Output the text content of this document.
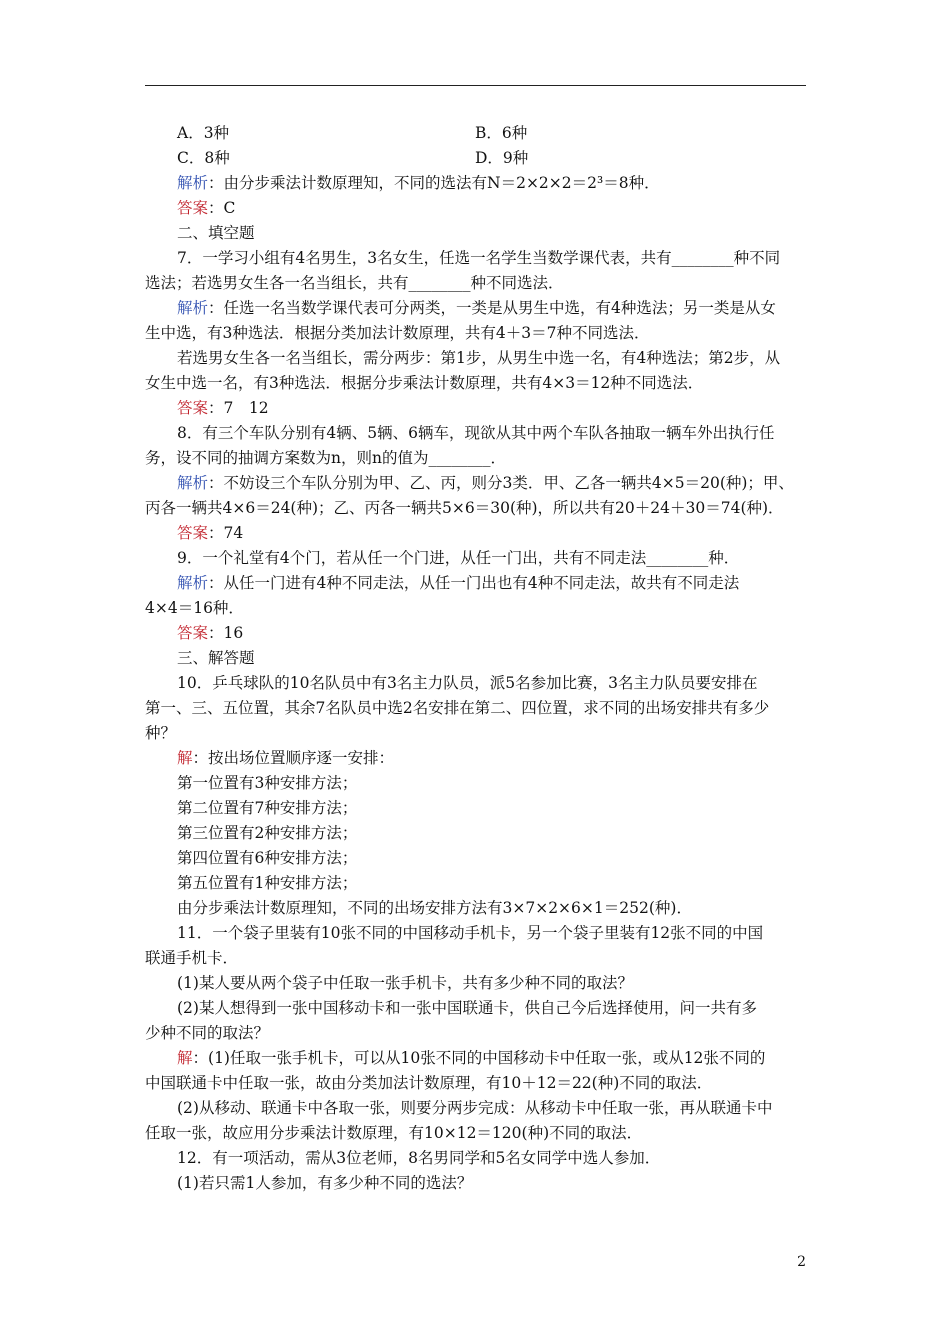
A．3种	B．6种
C．8种	D．9种
解析：由分步乘法计数原理知，不同的选法有N＝2×2×2＝2³＝8种．
答案：C
二、填空题
7．一学习小组有4名男生，3名女生，任选一名学生当数学课代表，共有________种不同
选法；若选男女生各一名当组长，共有________种不同选法．
解析：任选一名当数学课代表可分两类，一类是从男生中选，有4种选法；另一类是从女
生中选，有3种选法．根据分类加法计数原理，共有4＋3＝7种不同选法．
若选男女生各一名当组长，需分两步：第1步，从男生中选一名，有4种选法；第2步，从
女生中选一名，有3种选法．根据分步乘法计数原理，共有4×3＝12种不同选法．
答案：7　12
8．有三个车队分别有4辆、5辆、6辆车，现欲从其中两个车队各抽取一辆车外出执行任
务，设不同的抽调方案数为n，则n的值为________．
解析：不妨设三个车队分别为甲、乙、丙，则分3类．甲、乙各一辆共4×5＝20(种)；甲、
丙各一辆共4×6＝24(种)；乙、丙各一辆共5×6＝30(种)，所以共有20＋24＋30＝74(种)．
答案：74
9．一个礼堂有4个门，若从任一个门进，从任一门出，共有不同走法________种．
解析：从任一门进有4种不同走法，从任一门出也有4种不同走法，故共有不同走法
4×4＝16种．
答案：16
三、解答题
10．乒乓球队的10名队员中有3名主力队员，派5名参加比赛，3名主力队员要安排在
第一、三、五位置，其余7名队员中选2名安排在第二、四位置，求不同的出场安排共有多少
种？
解：按出场位置顺序逐一安排：
第一位置有3种安排方法；
第二位置有7种安排方法；
第三位置有2种安排方法；
第四位置有6种安排方法；
第五位置有1种安排方法；
由分步乘法计数原理知，不同的出场安排方法有3×7×2×6×1＝252(种)．
11．一个袋子里装有10张不同的中国移动手机卡，另一个袋子里装有12张不同的中国
联通手机卡．
(1)某人要从两个袋子中任取一张手机卡，共有多少种不同的取法？
(2)某人想得到一张中国移动卡和一张中国联通卡，供自己今后选择使用，问一共有多
少种不同的取法？
解：(1)任取一张手机卡，可以从10张不同的中国移动卡中任取一张，或从12张不同的
中国联通卡中任取一张，故由分类加法计数原理，有10＋12＝22(种)不同的取法．
(2)从移动、联通卡中各取一张，则要分两步完成：从移动卡中任取一张，再从联通卡中
任取一张，故应用分步乘法计数原理，有10×12＝120(种)不同的取法．
12．有一项活动，需从3位老师，8名男同学和5名女同学中选人参加．
(1)若只需1人参加，有多少种不同的选法？
2
